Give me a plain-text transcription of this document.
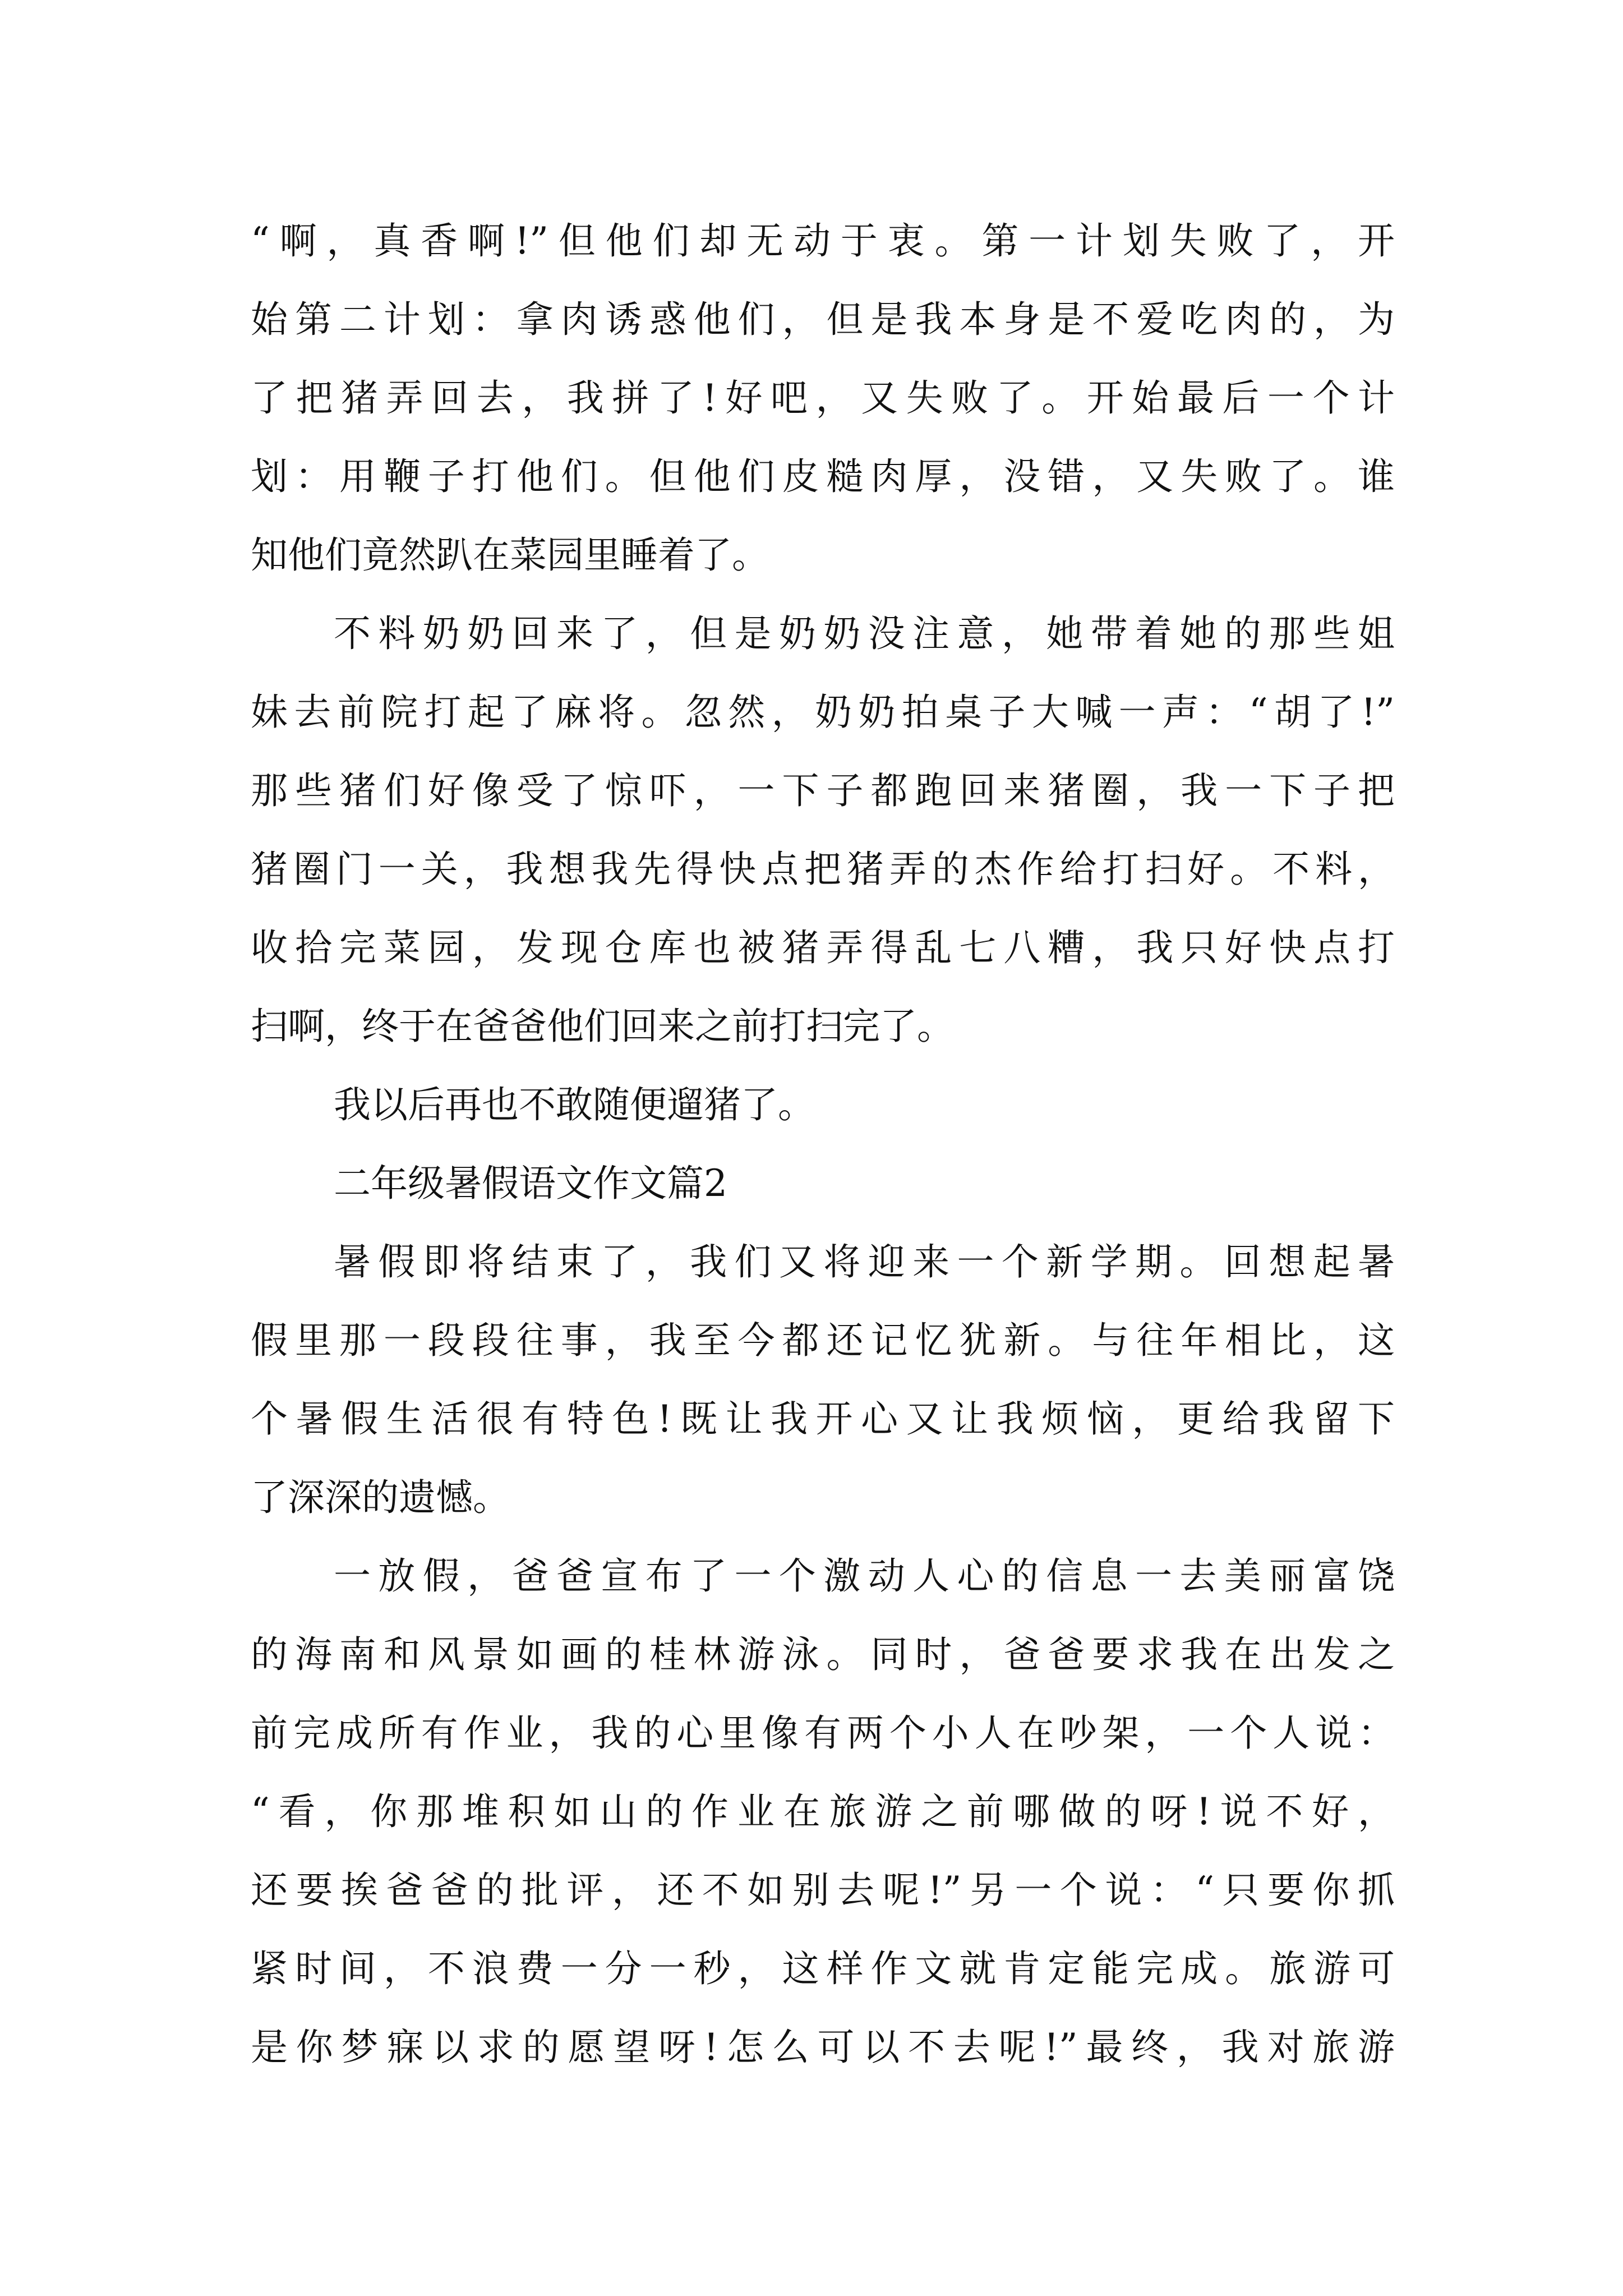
“啊，真香啊!”但他们却无动于衷。第一计划失败了，开
始第二计划：拿肉诱惑他们，但是我本身是不爱吃肉的，为
了把猪弄回去，我拼了!好吧，又失败了。开始最后一个计
划：用鞭子打他们。但他们皮糙肉厚，没错，又失败了。谁
知他们竟然趴在菜园里睡着了。
不料奶奶回来了，但是奶奶没注意，她带着她的那些姐
妹去前院打起了麻将。忽然，奶奶拍桌子大喊一声：“胡了!”
那些猪们好像受了惊吓，一下子都跑回来猪圈，我一下子把
猪圈门一关，我想我先得快点把猪弄的杰作给打扫好。不料，
收拾完菜园，发现仓库也被猪弄得乱七八糟，我只好快点打
扫啊，终于在爸爸他们回来之前打扫完了。
我以后再也不敢随便遛猪了。
二年级暑假语文作文篇2
暑假即将结束了，我们又将迎来一个新学期。回想起暑
假里那一段段往事，我至今都还记忆犹新。与往年相比，这
个暑假生活很有特色!既让我开心又让我烦恼，更给我留下
了深深的遗憾。
一放假，爸爸宣布了一个激动人心的信息一去美丽富饶
的海南和风景如画的桂林游泳。同时，爸爸要求我在出发之
前完成所有作业，我的心里像有两个小人在吵架，一个人说：
“看，你那堆积如山的作业在旅游之前哪做的呀!说不好，
还要挨爸爸的批评，还不如别去呢!”另一个说：“只要你抓
紧时间，不浪费一分一秒，这样作文就肯定能完成。旅游可
是你梦寐以求的愿望呀!怎么可以不去呢!”最终，我对旅游
